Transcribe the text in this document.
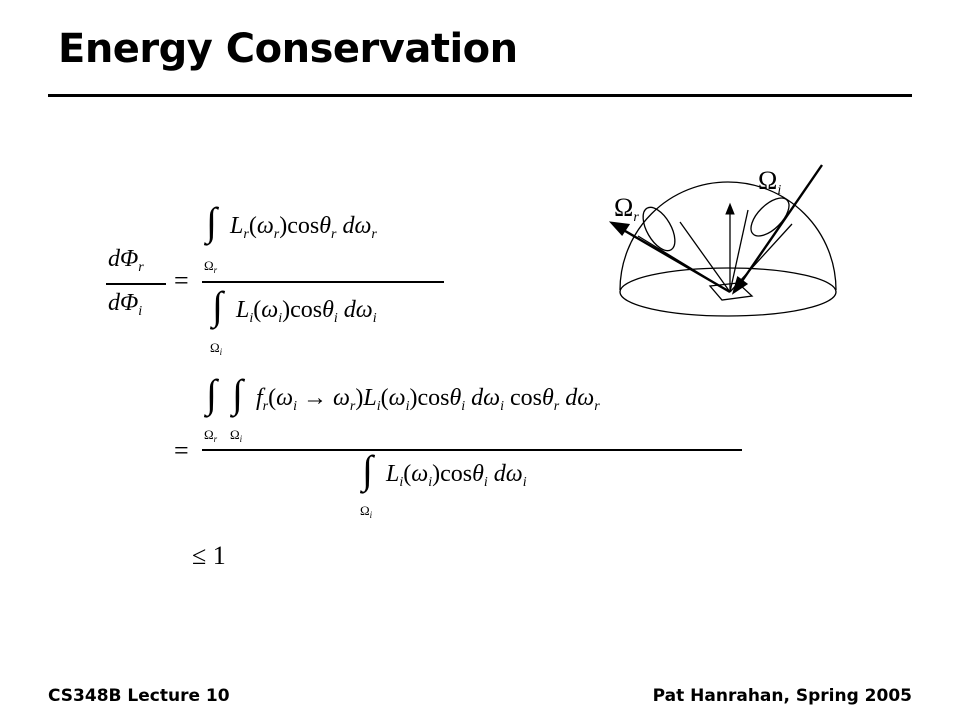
Energy Conservation
$d\Phi_r$
$d\Phi_i$
=
∫
$\Omega_r$
$L_r(\omega_r)\cos\theta_r$ $d\omega_r$
∫
$\Omega_i$
$L_i(\omega_i)\cos\theta_i$ $d\omega_i$
=
∫ ∫
$\Omega_r$ $\Omega_i$
$f_r(\omega_i \to \omega_r)L_i(\omega_i)\cos\theta_i$ $d\omega_i$ cosθ$_r$ $d\omega_r$
∫
$\Omega_i$
$L_i(\omega_i)\cos\theta_i$ $d\omega_i$
≤ 1
Ωi
Ωr
CS348B Lecture 10	Pat Hanrahan, Spring 2005
